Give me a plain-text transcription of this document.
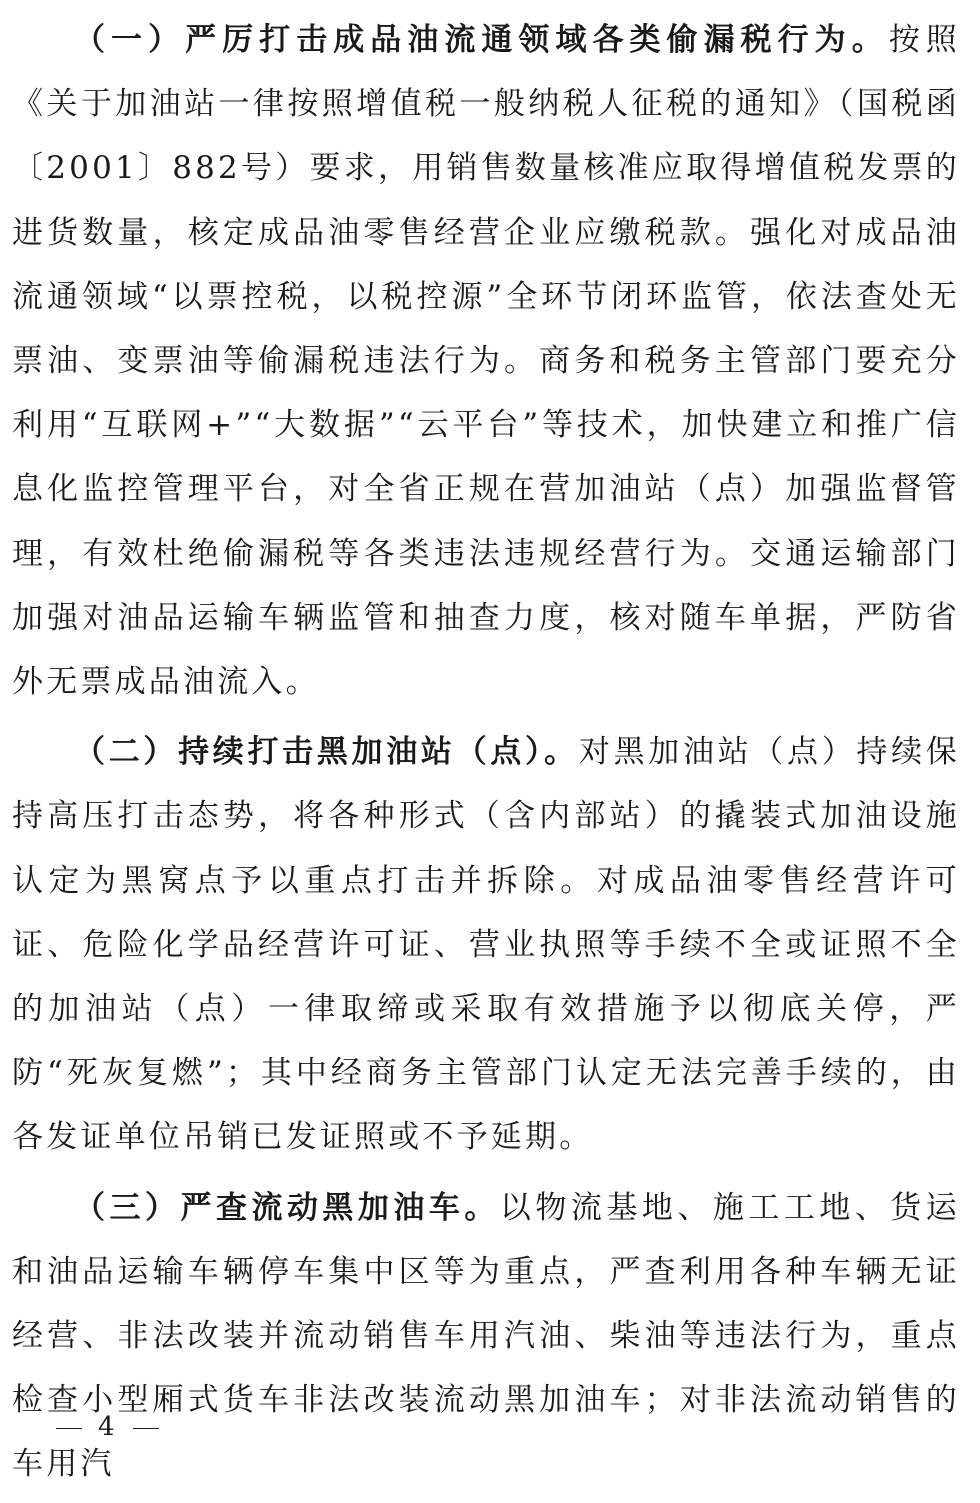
（一）严厉打击成品油流通领域各类偷漏税行为。按照《关于加油站一律按照增值税一般纳税人征税的通知》（国税函〔2001〕882号）要求，用销售数量核准应取得增值税发票的进货数量，核定成品油零售经营企业应缴税款。强化对成品油流通领域“以票控税，以税控源”全环节闭环监管，依法查处无票油、变票油等偷漏税违法行为。商务和税务主管部门要充分利用“互联网+”“大数据”“云平台”等技术，加快建立和推广信息化监控管理平台，对全省正规在营加油站（点）加强监督管理，有效杜绝偷漏税等各类违法违规经营行为。交通运输部门加强对油品运输车辆监管和抽查力度，核对随车单据，严防省外无票成品油流入。

（二）持续打击黑加油站（点）。对黑加油站（点）持续保持高压打击态势，将各种形式（含内部站）的撬装式加油设施认定为黑窝点予以重点打击并拆除。对成品油零售经营许可证、危险化学品经营许可证、营业执照等手续不全或证照不全的加油站（点）一律取缔或采取有效措施予以彻底关停，严防“死灰复燃”；其中经商务主管部门认定无法完善手续的，由各发证单位吊销已发证照或不予延期。

（三）严查流动黑加油车。以物流基地、施工工地、货运和油品运输车辆停车集中区等为重点，严查利用各种车辆无证经营、非法改装并流动销售车用汽油、柴油等违法行为，重点检查小型厢式货车非法改装流动黑加油车；对非法流动销售的车用汽

4
